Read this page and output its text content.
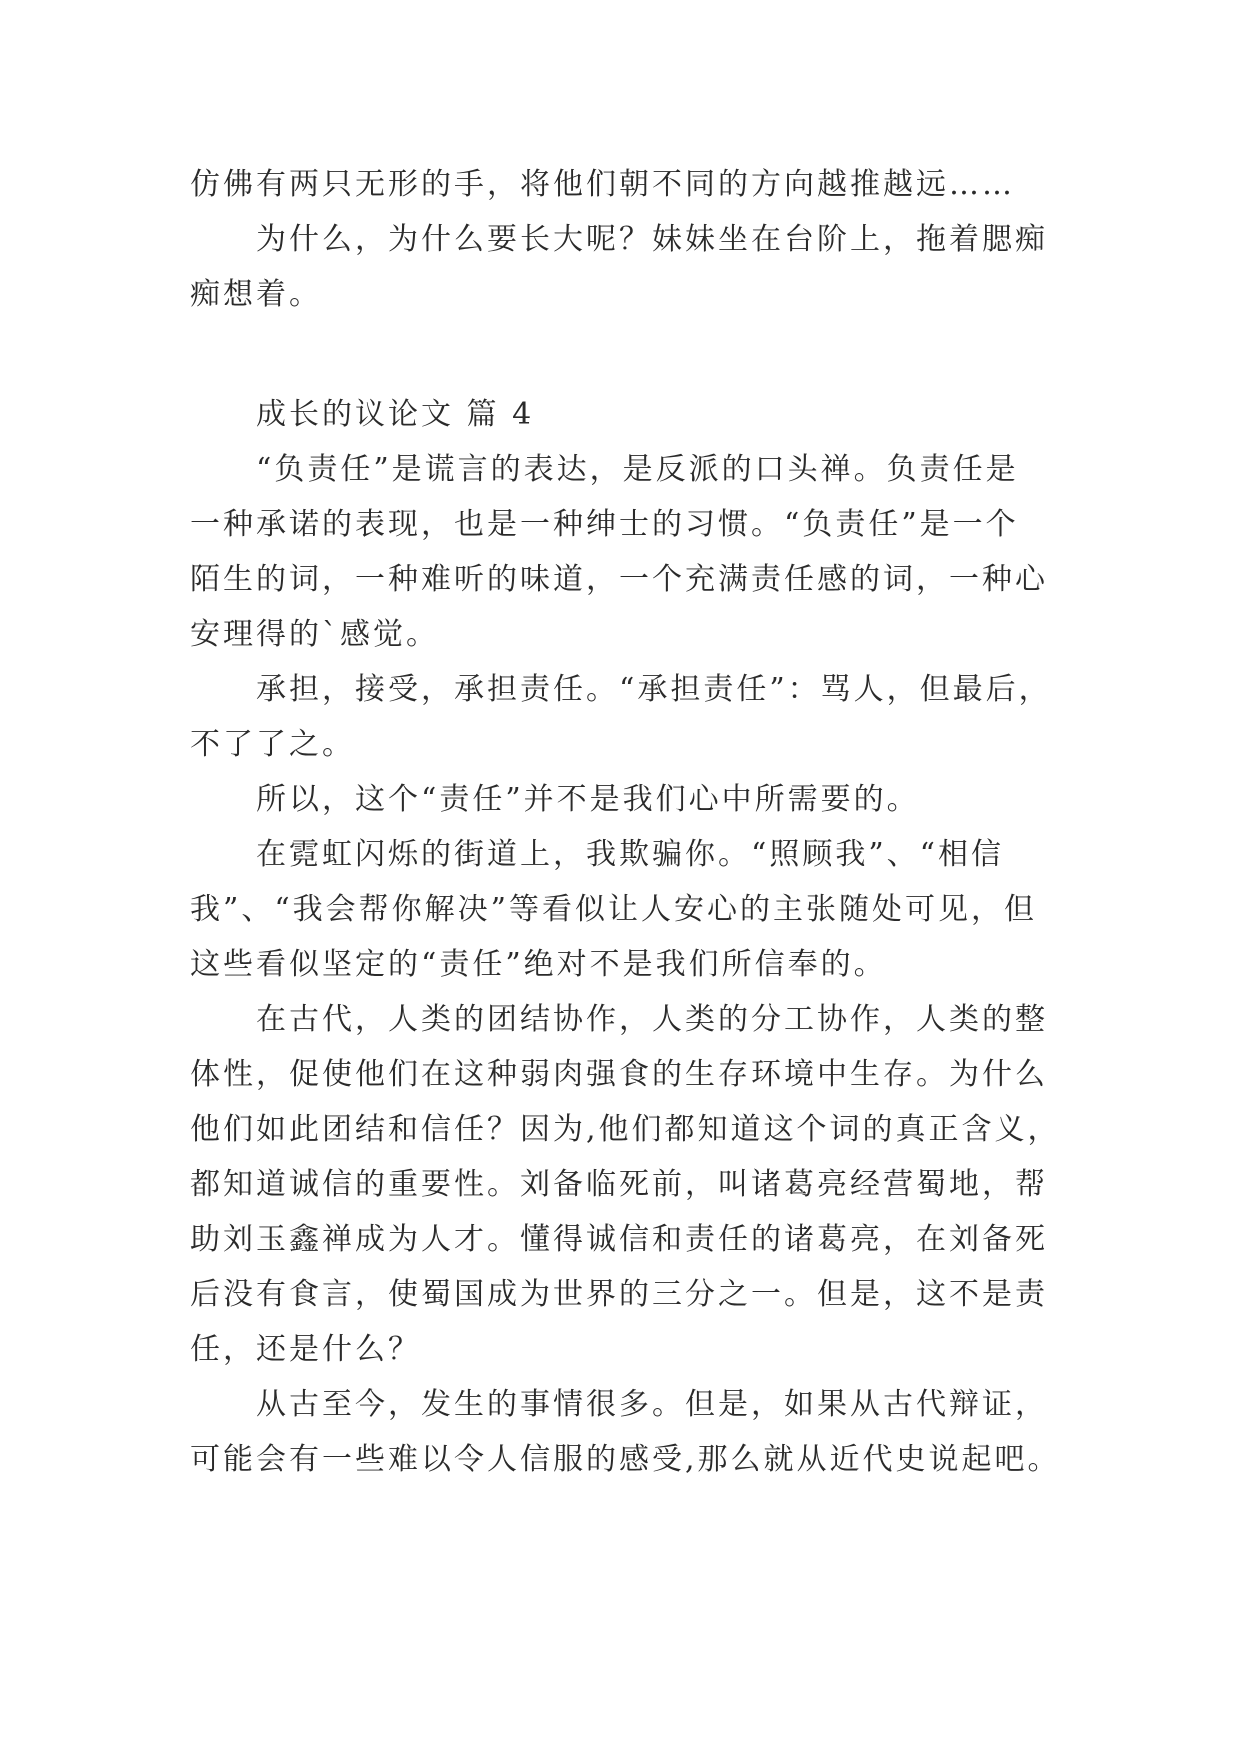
仿佛有两只无形的手，将他们朝不同的方向越推越远……
为什么，为什么要长大呢？妹妹坐在台阶上，拖着腮痴
痴想着。
成长的议论文 篇 4
“负责任”是谎言的表达，是反派的口头禅。负责任是
一种承诺的表现，也是一种绅士的习惯。“负责任”是一个
陌生的词，一种难听的味道，一个充满责任感的词，一种心
安理得的`感觉。
承担，接受，承担责任。“承担责任”：骂人，但最后，
不了了之。
所以，这个“责任”并不是我们心中所需要的。
在霓虹闪烁的街道上，我欺骗你。“照顾我”、“相信
我”、“我会帮你解决”等看似让人安心的主张随处可见，但
这些看似坚定的“责任”绝对不是我们所信奉的。
在古代，人类的团结协作，人类的分工协作，人类的整
体性，促使他们在这种弱肉强食的生存环境中生存。为什么
他们如此团结和信任？因为,他们都知道这个词的真正含义，
都知道诚信的重要性。刘备临死前，叫诸葛亮经营蜀地，帮
助刘玉鑫禅成为人才。懂得诚信和责任的诸葛亮，在刘备死
后没有食言，使蜀国成为世界的三分之一。但是，这不是责
任，还是什么？
从古至今，发生的事情很多。但是，如果从古代辩证，
可能会有一些难以令人信服的感受,那么就从近代史说起吧。
